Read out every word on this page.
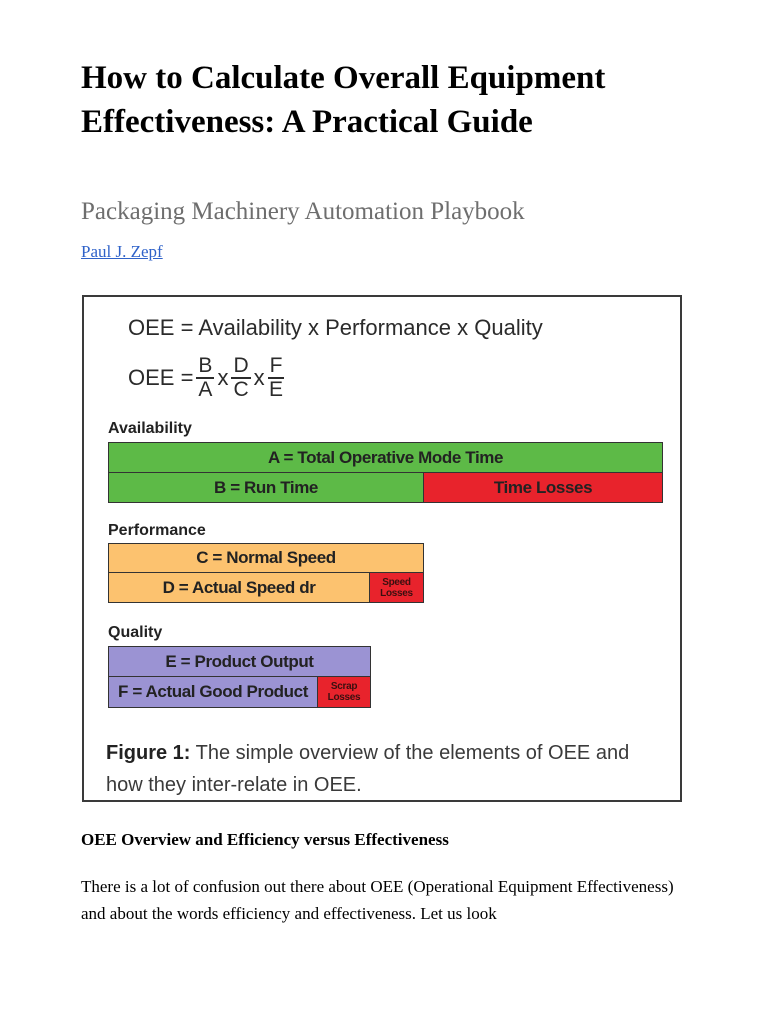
How to Calculate Overall Equipment Effectiveness: A Practical Guide
Packaging Machinery Automation Playbook
Paul J. Zepf
OEE = Availability x Performance x Quality
OEE = $\frac{B}{A}$ x $\frac{D}{C}$ x $\frac{F}{E}$
Availability
A = Total Operative Mode Time
B = Run Time	Time Losses
Performance
C = Normal Speed
D = Actual Speed dr	Speed
Losses
Quality
E = Product Output
F = Actual Good Product	Scrap
Losses
Figure 1: The simple overview of the elements of OEE and how they inter-relate in OEE.
OEE Overview and Efficiency versus Effectiveness

There is a lot of confusion out there about OEE (Operational Equipment Effectiveness) and about the words efficiency and effectiveness. Let us look
